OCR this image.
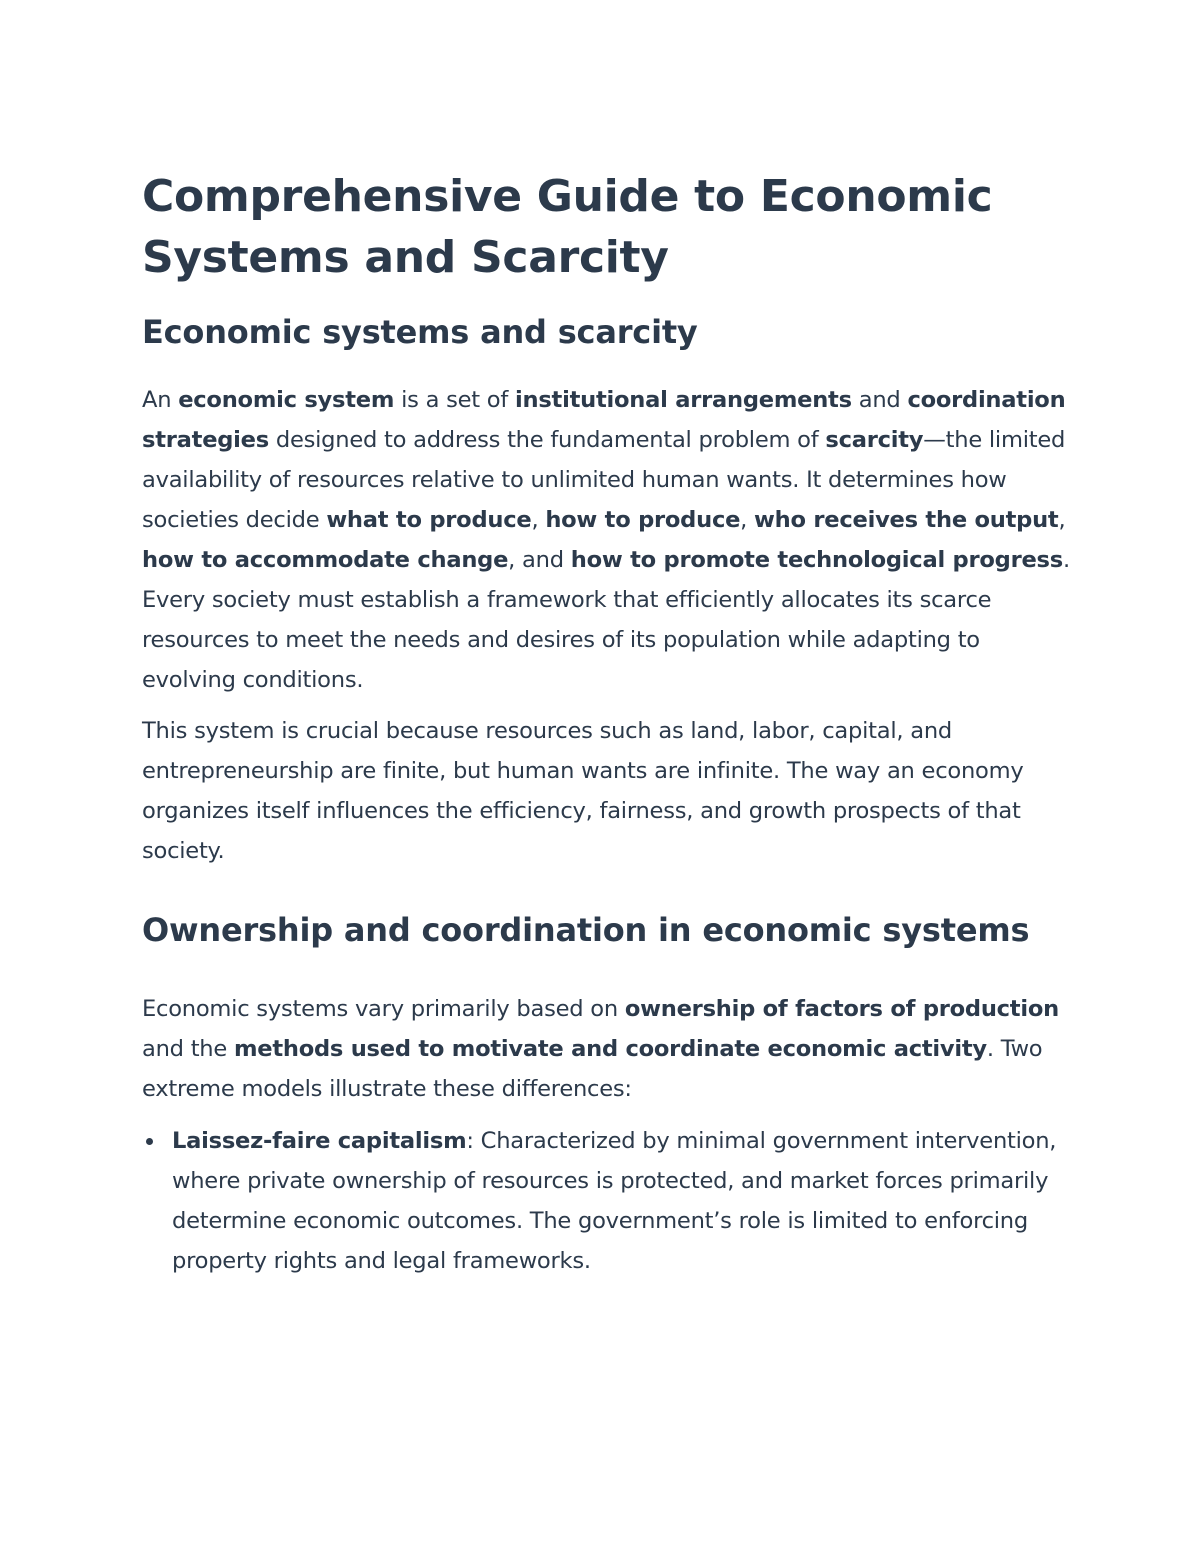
Comprehensive Guide to Economic Systems and Scarcity
Economic systems and scarcity

An economic system is a set of institutional arrangements and coordination strategies designed to address the fundamental problem of scarcity—the limited availability of resources relative to unlimited human wants. It determines how societies decide what to produce, how to produce, who receives the output, how to accommodate change, and how to promote technological progress. Every society must establish a framework that efficiently allocates its scarce resources to meet the needs and desires of its population while adapting to evolving conditions.

This system is crucial because resources such as land, labor, capital, and entrepreneurship are finite, but human wants are infinite. The way an economy organizes itself influences the efficiency, fairness, and growth prospects of that society.

Ownership and coordination in economic systems

Economic systems vary primarily based on ownership of factors of production and the methods used to motivate and coordinate economic activity. Two extreme models illustrate these differences:

Laissez-faire capitalism: Characterized by minimal government intervention, where private ownership of resources is protected, and market forces primarily determine economic outcomes. The government’s role is limited to enforcing property rights and legal frameworks.
